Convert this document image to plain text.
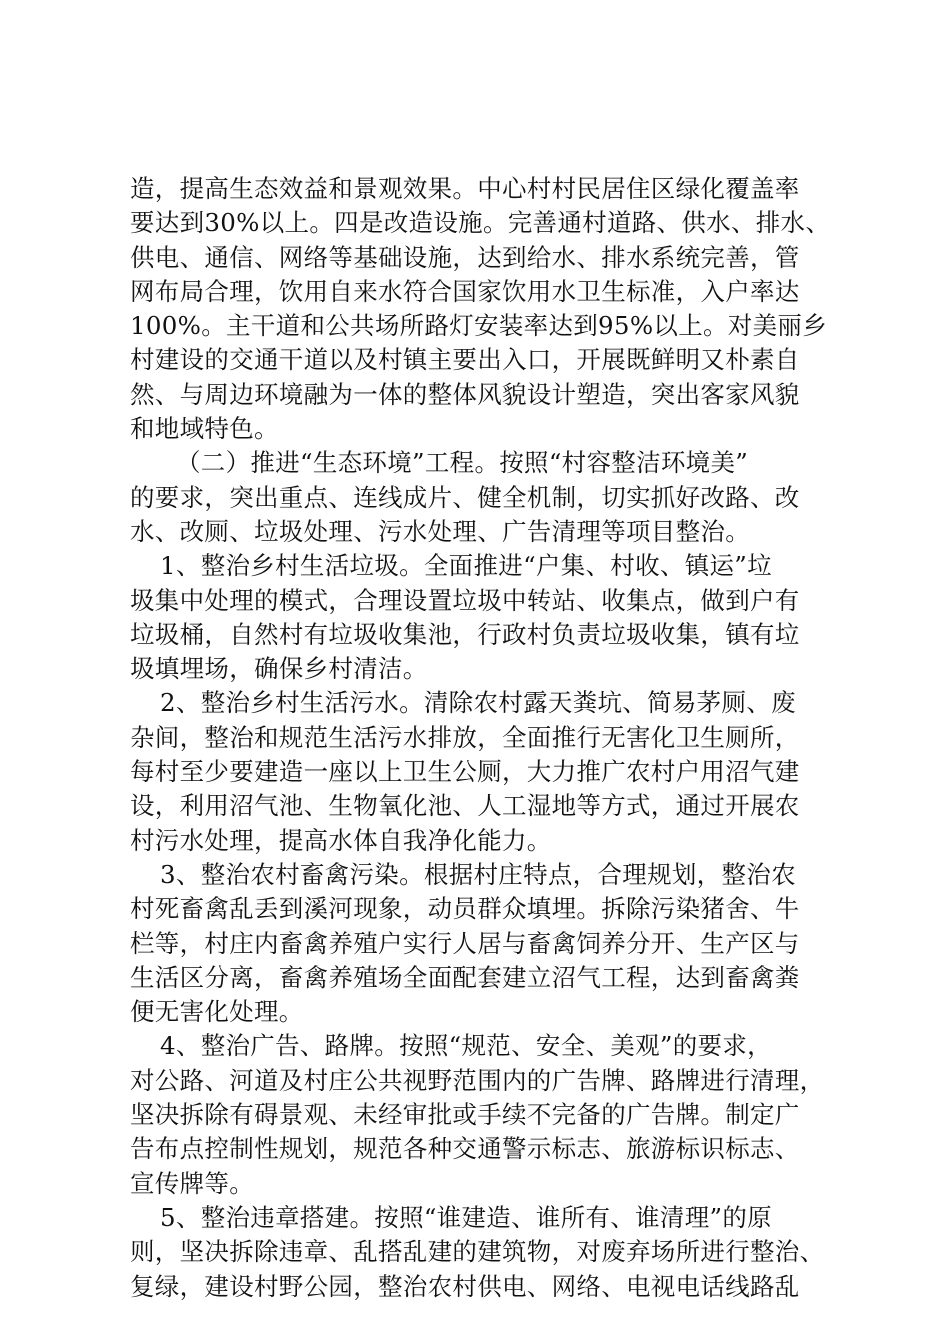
造，提高生态效益和景观效果。中心村村民居住区绿化覆盖率
要达到30%以上。四是改造设施。完善通村道路、供水、排水、
供电、通信、网络等基础设施，达到给水、排水系统完善，管
网布局合理，饮用自来水符合国家饮用水卫生标准，入户率达
100%。主干道和公共场所路灯安装率达到95%以上。对美丽乡
村建设的交通干道以及村镇主要出入口，开展既鲜明又朴素自
然、与周边环境融为一体的整体风貌设计塑造，突出客家风貌
和地域特色。
（二）推进“生态环境”工程。按照“村容整洁环境美”
的要求，突出重点、连线成片、健全机制，切实抓好改路、改
水、改厕、垃圾处理、污水处理、广告清理等项目整治。
1、整治乡村生活垃圾。全面推进“户集、村收、镇运”垃
圾集中处理的模式，合理设置垃圾中转站、收集点，做到户有
垃圾桶，自然村有垃圾收集池，行政村负责垃圾收集，镇有垃
圾填埋场，确保乡村清洁。
2、整治乡村生活污水。清除农村露天粪坑、简易茅厕、废
杂间，整治和规范生活污水排放，全面推行无害化卫生厕所，
每村至少要建造一座以上卫生公厕，大力推广农村户用沼气建
设，利用沼气池、生物氧化池、人工湿地等方式，通过开展农
村污水处理，提高水体自我净化能力。
3、整治农村畜禽污染。根据村庄特点，合理规划，整治农
村死畜禽乱丢到溪河现象，动员群众填埋。拆除污染猪舍、牛
栏等，村庄内畜禽养殖户实行人居与畜禽饲养分开、生产区与
生活区分离，畜禽养殖场全面配套建立沼气工程，达到畜禽粪
便无害化处理。
4、整治广告、路牌。按照“规范、安全、美观”的要求，
对公路、河道及村庄公共视野范围内的广告牌、路牌进行清理，
坚决拆除有碍景观、未经审批或手续不完备的广告牌。制定广
告布点控制性规划，规范各种交通警示标志、旅游标识标志、
宣传牌等。
5、整治违章搭建。按照“谁建造、谁所有、谁清理”的原
则，坚决拆除违章、乱搭乱建的建筑物，对废弃场所进行整治、
复绿，建设村野公园，整治农村供电、网络、电视电话线路乱
